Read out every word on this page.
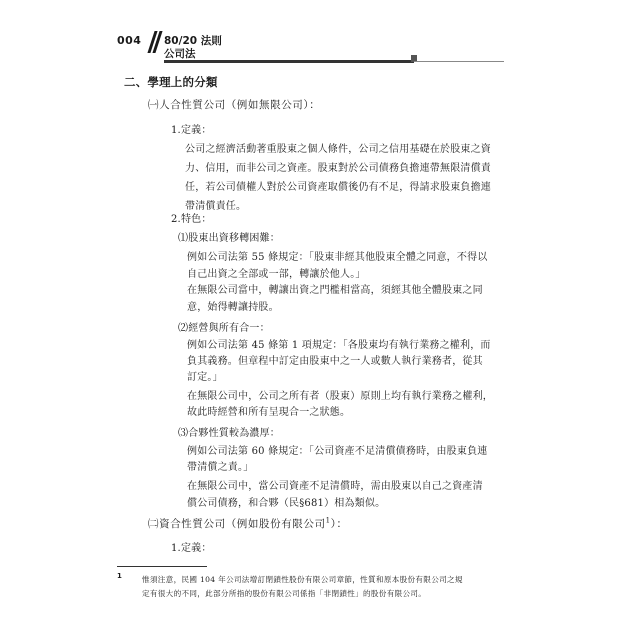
004 80/20 法則
公司法
二、學理上的分類
㈠人合性質公司（例如無限公司）：
1.定義：
公司之經濟活動著重股東之個人條件，公司之信用基礎在於股東之資
力、信用，而非公司之資產。股東對於公司債務負擔連帶無限清償責
任，若公司債權人對於公司資產取償後仍有不足，得請求股東負擔連
帶清償責任。
2.特色：
⑴股東出資移轉困難：
例如公司法第 55 條規定：「股東非經其他股東全體之同意，不得以
自己出資之全部或一部，轉讓於他人。」
在無限公司當中，轉讓出資之門檻相當高，須經其他全體股東之同
意，始得轉讓持股。
⑵經營與所有合一：
例如公司法第 45 條第 1 項規定：「各股東均有執行業務之權利，而
負其義務。但章程中訂定由股東中之一人或數人執行業務者，從其
訂定。」
在無限公司中，公司之所有者（股東）原則上均有執行業務之權利，
故此時經營和所有呈現合一之狀態。
⑶合夥性質較為濃厚：
例如公司法第 60 條規定：「公司資產不足清償債務時，由股東負連
帶清償之責。」
在無限公司中，當公司資產不足清償時，需由股東以自己之資產清
償公司債務，和合夥（民§681）相為類似。
㈡資合性質公司（例如股份有限公司$^1$）：
1.定義：
1	惟須注意，民國 104 年公司法增訂閉鎖性股份有限公司章節，性質和原本股份有限公司之規
定有很大的不同，此部分所指的股份有限公司係指「非閉鎖性」的股份有限公司。
